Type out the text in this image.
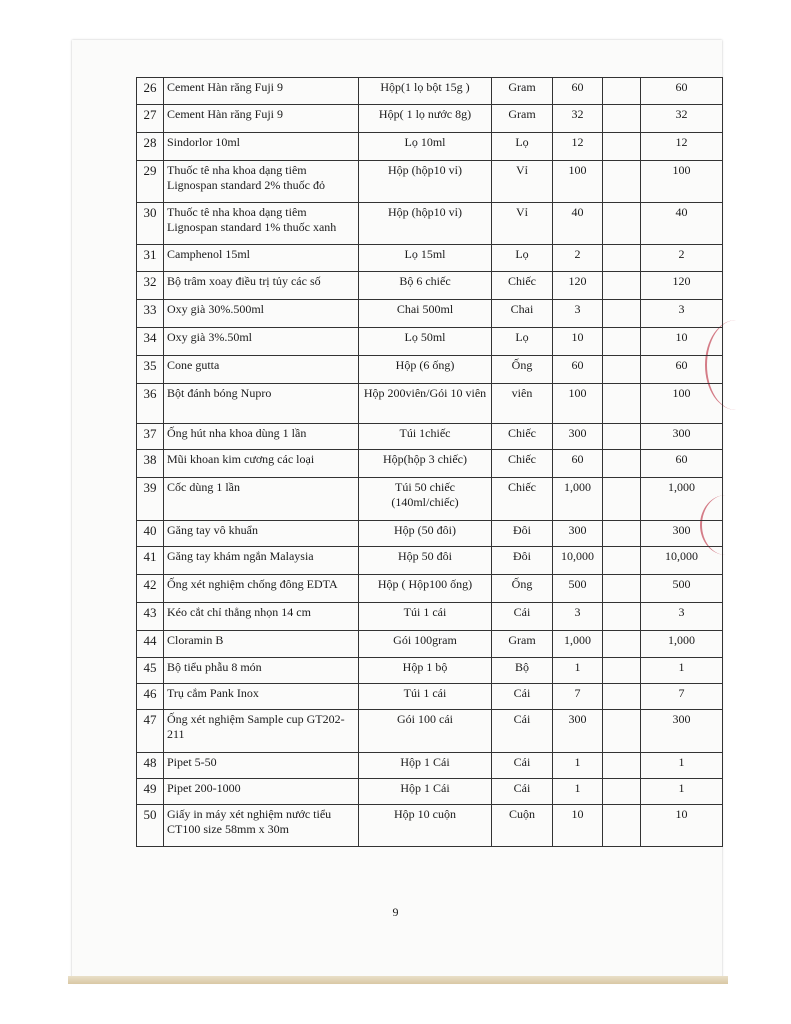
26	Cement Hàn răng Fuji 9	Hộp(1 lọ bột 15g )	Gram	60		60
27	Cement Hàn răng Fuji 9	Hộp( 1 lọ nước 8g)	Gram	32		32
28	Sindorlor 10ml	Lọ 10ml	Lọ	12		12
29	Thuốc tê nha khoa dạng tiêm Lignospan standard 2% thuốc đỏ	Hộp (hộp10 vỉ)	Vỉ	100		100
30	Thuốc tê nha khoa dạng tiêm Lignospan standard 1% thuốc xanh	Hộp (hộp10 vỉ)	Vỉ	40		40
31	Camphenol 15ml	Lọ 15ml	Lọ	2		2
32	Bộ trâm xoay điều trị tủy các số	Bộ 6 chiếc	Chiếc	120		120
33	Oxy già 30%.500ml	Chai 500ml	Chai	3		3
34	Oxy già 3%.50ml	Lọ 50ml	Lọ	10		10
35	Cone gutta	Hộp (6 ống)	Ống	60		60
36	Bột đánh bóng Nupro	Hộp 200viên/Gói 10 viên	viên	100		100
37	Ống hút nha khoa dùng 1 lần	Túi 1chiếc	Chiếc	300		300
38	Mũi khoan kim cương các loại	Hộp(hộp 3 chiếc)	Chiếc	60		60
39	Cốc dùng 1 lần	Túi 50 chiếc (140ml/chiếc)	Chiếc	1,000		1,000
40	Găng tay vô khuẩn	Hộp (50 đôi)	Đôi	300		300
41	Găng tay khám ngắn Malaysia	Hộp 50 đôi	Đôi	10,000		10,000
42	Ống xét nghiệm chống đông EDTA	Hộp ( Hộp100 ống)	Ống	500		500
43	Kéo cắt chỉ thẳng nhọn 14 cm	Túi 1 cái	Cái	3		3
44	Cloramin B	Gói 100gram	Gram	1,000		1,000
45	Bộ tiểu phẫu 8 món	Hộp 1 bộ	Bộ	1		1
46	Trụ cắm Pank Inox	Túi 1 cái	Cái	7		7
47	Ống xét nghiệm Sample cup GT202-211	Gói 100 cái	Cái	300		300
48	Pipet 5-50	Hộp 1 Cái	Cái	1		1
49	Pipet 200-1000	Hộp 1 Cái	Cái	1		1
50	Giấy in máy xét nghiệm nước tiểu CT100 size 58mm x 30m	Hộp 10 cuộn	Cuộn	10		10
9
